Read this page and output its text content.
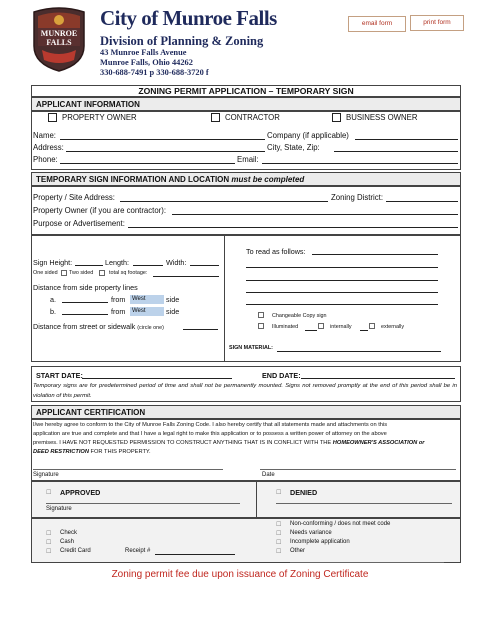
MUNROE
FALLS
City of Munroe Falls
Division of Planning & Zoning
43 Munroe Falls Avenue
Munroe Falls, Ohio 44262
330-688-7491 p 330-688-3720 f
email form	print form
ZONING PERMIT APPLICATION – TEMPORARY SIGN
APPLICANT INFORMATION
PROPERTY OWNER	CONTRACTOR	BUSINESS OWNER
Name:	Company (if applicable)
Address:	City, State, Zip:
Phone:	Email:
TEMPORARY SIGN INFORMATION AND LOCATION must be completed
Property / Site Address:	Zoning District:
Property Owner (if you are contractor):
Purpose or Advertisement:
Sign Height:	Length:	Width:
One sided Two sided	total sq footage:
Distance from side property lines
a.	from	West	side
b.	from	West	side
Distance from street or sidewalk (circle one)
To read as follows:
Changeable Copy sign
Illuminated	internally	externally
SIGN MATERIAL:
START DATE:	END DATE:
Temporary signs are for predetermined period of time and shall not be permanently mounted. Signs not removed promptly at the end of this period shall be in violation of this permit.
APPLICANT CERTIFICATION
I/we hereby agree to conform to the City of Munroe Falls Zoning Code. I also hereby certify that all statements made and attachments on this
application are true and complete and that I have a legal right to make this application or to possess a written power of attorney on the above
premises. I HAVE NOT REQUESTED PERMISSION TO CONSTRUCT ANYTHING THAT IS IN CONFLICT WITH THE HOMEOWNER'S ASSOCIATION or
DEED RESTRICTION FOR THIS PROPERTY.
Signature	Date
☐ APPROVED
Signature
☐ DENIED
☐ Check
☐ Cash
☐ Credit Card	Receipt #
☐ Non-conforming / does not meet code
☐ Needs variance
☐ Incomplete application
☐ Other
Zoning permit fee due upon issuance of Zoning Certificate
